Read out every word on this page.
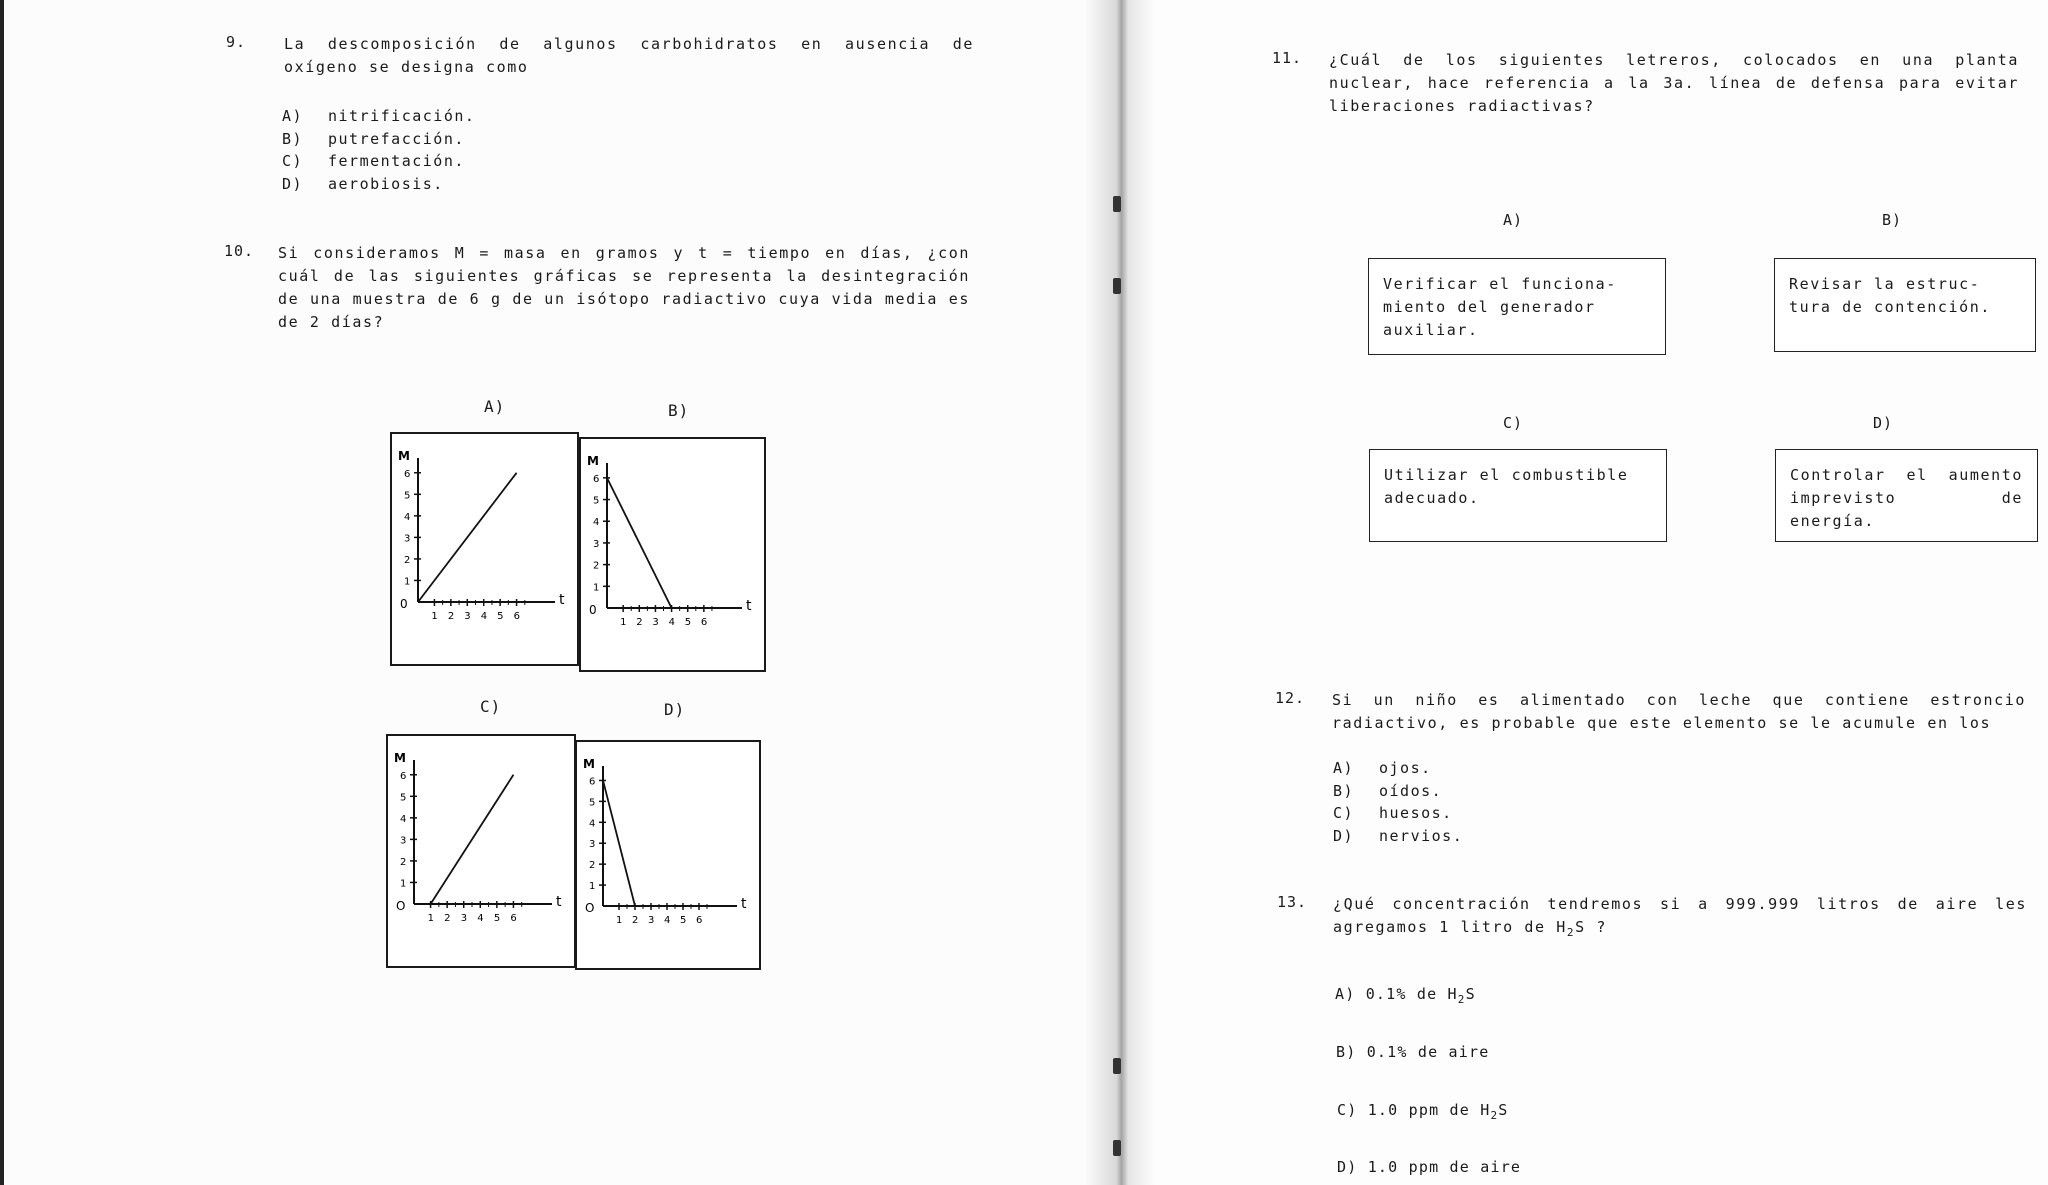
9.	La descomposición de algunos carbohidratos en ausencia de oxígeno se designa como
A)	nitrificación.
B)	putrefacción.
C)	fermentación.
D)	aerobiosis.
10. Si consideramos M = masa en gramos y t = tiempo en días, ¿con cuál de las siguientes gráficas se representa la desintegración de una muestra de 6 g de un isótopo radiactivo cuya vida media es de 2 días?
A)	B)
C)	D)
M
t
0
1
2
3
4
5
6
1 2 3 4 5 6
M
t
0
1
2
3
4
5
6
1 2 3 4 5 6
M
t
O
1
2
3
4
5
6
1 2 3 4 5 6
M
t
O
1
2
3
4
5
6
1 2 3 4 5 6
11. ¿Cuál de los siguientes letreros, colocados en una planta nuclear, hace referencia a la 3a. línea de defensa para evitar liberaciones radiactivas?
A)	B)
C)	D)
Verificar el funciona- miento del generador auxiliar.
Revisar la estruc- tura de contención.
Utilizar el combustible adecuado.
Controlar el aumento imprevisto de energía.
12. Si un niño es alimentado con leche que contiene estroncio radiactivo, es probable que este elemento se le acumule en los
A)	ojos.
B)	oídos.
C)	huesos.
D)	nervios.
13. ¿Qué concentración tendremos si a 999.999 litros de aire les agregamos 1 litro de $H_2S$ ?
A) 0.1% de $H_2S$
B) 0.1% de aire
C) 1.0 ppm de $H_2S$
D) 1.0 ppm de aire
